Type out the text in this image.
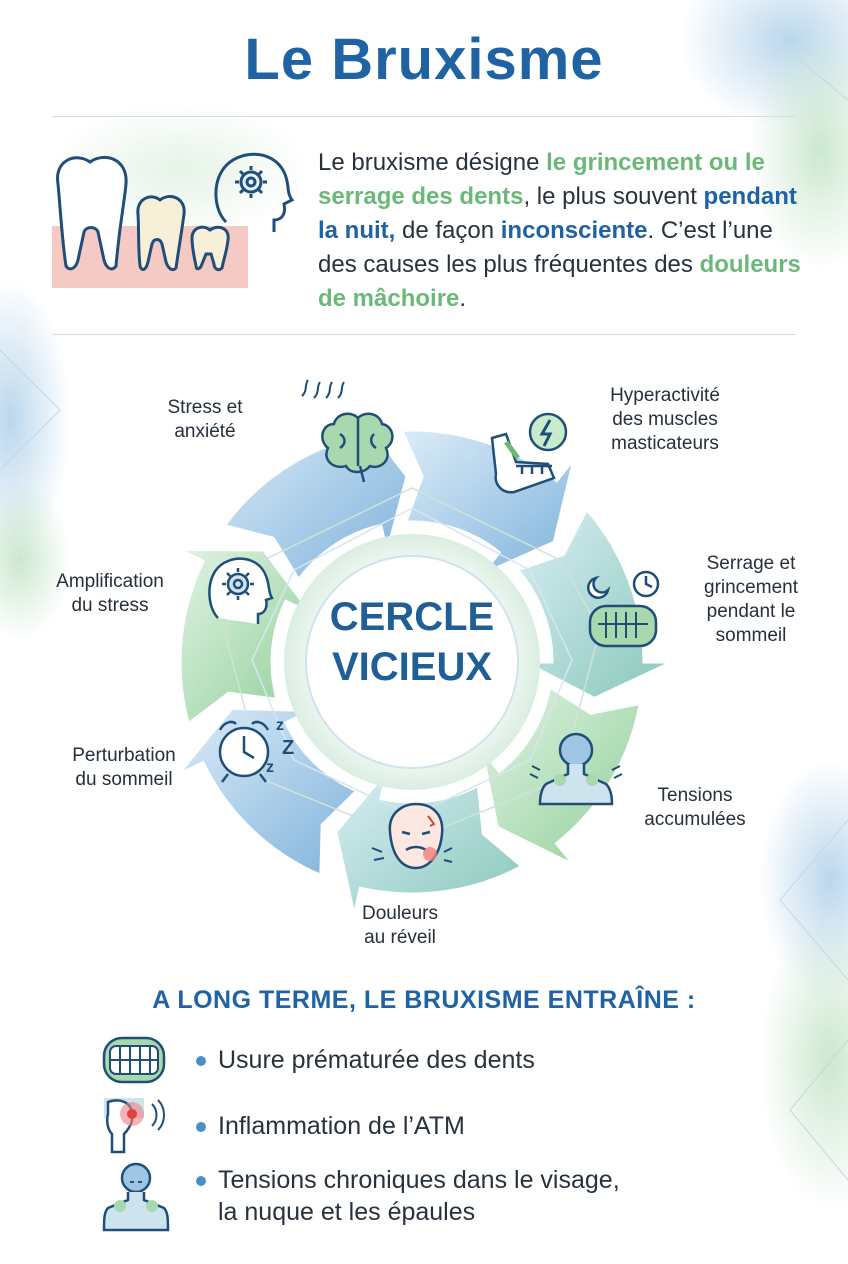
Le Bruxisme
Le bruxisme désigne le grincement ou le serrage des dents, le plus souvent pendant la nuit, de façon inconsciente. C’est l’une des causes les plus fréquentes des douleurs de mâchoire.
z
Z
z
Stress et
anxiété
Hyperactivité
des muscles
masticateurs
Serrage et
grincement
pendant le
sommeil
Tensions
accumulées
Douleurs
au réveil
Perturbation
du sommeil
Amplification
du stress	CERCLE
VICIEUX
A LONG TERME, LE BRUXISME ENTRAÎNE :
Usure prématurée des dents
Inflammation de l’ATM
Tensions chroniques dans le visage,
la nuque et les épaules
